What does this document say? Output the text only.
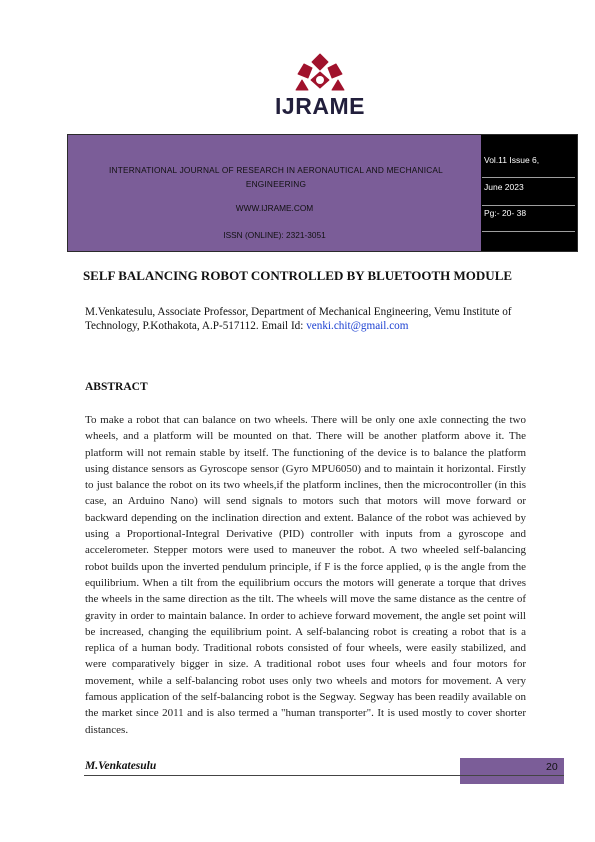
IJRAME
INTERNATIONAL JOURNAL OF RESEARCH IN AERONAUTICAL AND MECHANICAL ENGINEERING
WWW.IJRAME.COM
ISSN (ONLINE): 2321-3051
Vol.11 Issue 6,
June 2023
Pg:- 20- 38
SELF BALANCING ROBOT CONTROLLED BY BLUETOOTH MODULE
M.Venkatesulu, Associate Professor, Department of Mechanical Engineering, Vemu Institute of Technology, P.Kothakota, A.P-517112. Email Id: venki.chit@gmail.com
ABSTRACT

To make a robot that can balance on two wheels. There will be only one axle connecting the two wheels, and a platform will be mounted on that. There will be another platform above it. The platform will not remain stable by itself. The functioning of the device is to balance the platform using distance sensors as Gyroscope sensor (Gyro MPU6050) and to maintain it horizontal. Firstly to just balance the robot on its two wheels,if the platform inclines, then the microcontroller (in this case, an Arduino Nano) will send signals to motors such that motors will move forward or backward depending on the inclination direction and extent. Balance of the robot was achieved by using a Proportional-Integral Derivative (PID) controller with inputs from a gyroscope and accelerometer. Stepper motors were used to maneuver the robot. A two wheeled self-balancing robot builds upon the inverted pendulum principle, if F is the force applied, φ is the angle from the equilibrium. When a tilt from the equilibrium occurs the motors will generate a torque that drives the wheels in the same direction as the tilt. The wheels will move the same distance as the centre of gravity in order to maintain balance. In order to achieve forward movement, the angle set point will be increased, changing the equilibrium point. A self-balancing robot is creating a robot that is a replica of a human body. Traditional robots consisted of four wheels, were easily stabilized, and were comparatively bigger in size. A traditional robot uses four wheels and four motors for movement, while a self-balancing robot uses only two wheels and motors for movement. A very famous application of the self-balancing robot is the Segway. Segway has been readily available on the market since 2011 and is also termed a "human transporter". It is used mostly to cover shorter distances.

M.Venkatesulu	20
